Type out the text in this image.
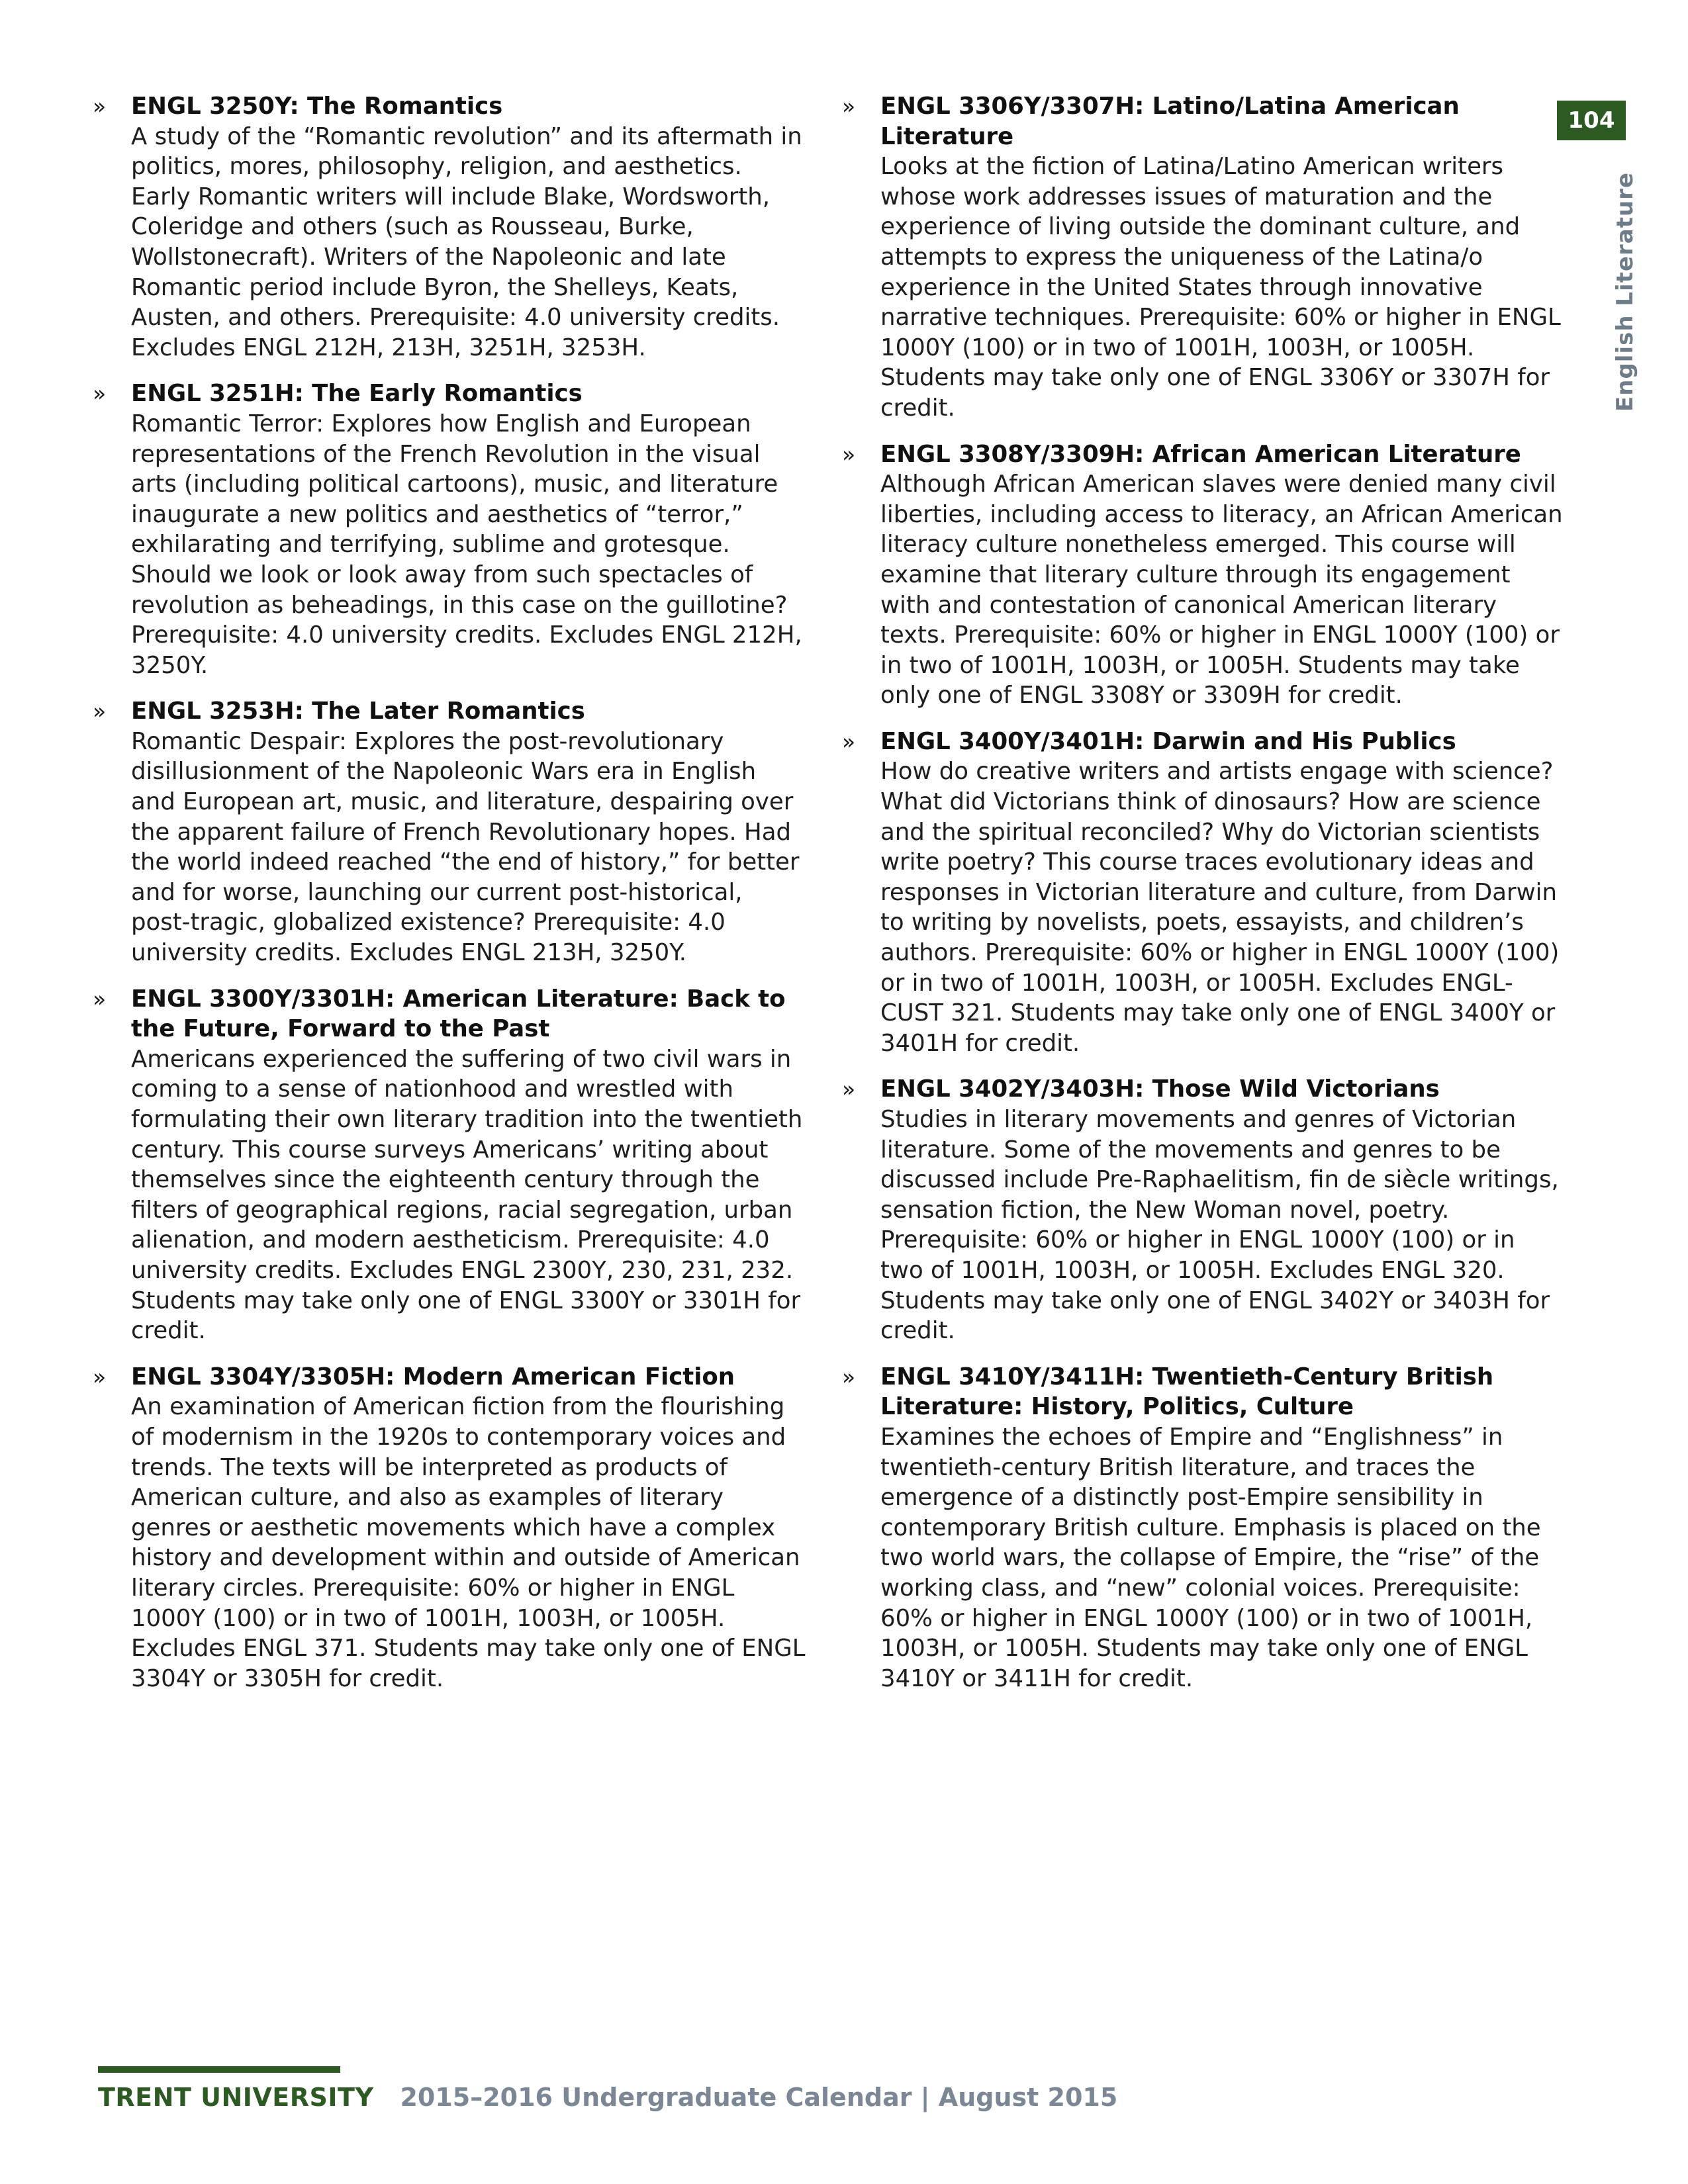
» ENGL 3250Y: The Romantics
A study of the “Romantic revolution” and its aftermath in politics, mores, philosophy, religion, and aesthetics. Early Romantic writers will include Blake, Wordsworth, Coleridge and others (such as Rousseau, Burke, Wollstonecraft). Writers of the Napoleonic and late Romantic period include Byron, the Shelleys, Keats, Austen, and others. Prerequisite: 4.0 university credits. Excludes ENGL 212H, 213H, 3251H, 3253H.
» ENGL 3251H: The Early Romantics
Romantic Terror: Explores how English and European representations of the French Revolution in the visual arts (including political cartoons), music, and literature inaugurate a new politics and aesthetics of “terror,” exhilarating and terrifying, sublime and grotesque. Should we look or look away from such spectacles of revolution as beheadings, in this case on the guillotine? Prerequisite: 4.0 university credits. Excludes ENGL 212H, 3250Y.
» ENGL 3253H: The Later Romantics
Romantic Despair: Explores the post-revolutionary disillusionment of the Napoleonic Wars era in English and European art, music, and literature, despairing over the apparent failure of French Revolutionary hopes. Had the world indeed reached “the end of history,” for better and for worse, launching our current post-historical, post-tragic, globalized existence? Prerequisite: 4.0 university credits. Excludes ENGL 213H, 3250Y.
» ENGL 3300Y/3301H: American Literature: Back to the Future, Forward to the Past
Americans experienced the suffering of two civil wars in coming to a sense of nationhood and wrestled with formulating their own literary tradition into the twentieth century. This course surveys Americans’ writing about themselves since the eighteenth century through the filters of geographical regions, racial segregation, urban alienation, and modern aestheticism. Prerequisite: 4.0 university credits. Excludes ENGL 2300Y, 230, 231, 232. Students may take only one of ENGL 3300Y or 3301H for credit.
» ENGL 3304Y/3305H: Modern American Fiction
An examination of American fiction from the flourishing of modernism in the 1920s to contemporary voices and trends. The texts will be interpreted as products of American culture, and also as examples of literary genres or aesthetic movements which have a complex history and development within and outside of American literary circles. Prerequisite: 60% or higher in ENGL 1000Y (100) or in two of 1001H, 1003H, or 1005H. Excludes ENGL 371. Students may take only one of ENGL 3304Y or 3305H for credit.
» ENGL 3306Y/3307H: Latino/Latina American Literature
Looks at the fiction of Latina/Latino American writers whose work addresses issues of maturation and the experience of living outside the dominant culture, and attempts to express the uniqueness of the Latina/o experience in the United States through innovative narrative techniques. Prerequisite: 60% or higher in ENGL 1000Y (100) or in two of 1001H, 1003H, or 1005H. Students may take only one of ENGL 3306Y or 3307H for credit.
» ENGL 3308Y/3309H: African American Literature
Although African American slaves were denied many civil liberties, including access to literacy, an African American literacy culture nonetheless emerged. This course will examine that literary culture through its engagement with and contestation of canonical American literary texts. Prerequisite: 60% or higher in ENGL 1000Y (100) or in two of 1001H, 1003H, or 1005H. Students may take only one of ENGL 3308Y or 3309H for credit.
» ENGL 3400Y/3401H: Darwin and His Publics
How do creative writers and artists engage with science? What did Victorians think of dinosaurs? How are science and the spiritual reconciled? Why do Victorian scientists write poetry? This course traces evolutionary ideas and responses in Victorian literature and culture, from Darwin to writing by novelists, poets, essayists, and children’s authors. Prerequisite: 60% or higher in ENGL 1000Y (100) or in two of 1001H, 1003H, or 1005H. Excludes ENGL-CUST 321. Students may take only one of ENGL 3400Y or 3401H for credit.
» ENGL 3402Y/3403H: Those Wild Victorians
Studies in literary movements and genres of Victorian literature. Some of the movements and genres to be discussed include Pre-Raphaelitism, fin de siècle writings, sensation fiction, the New Woman novel, poetry. Prerequisite: 60% or higher in ENGL 1000Y (100) or in two of 1001H, 1003H, or 1005H. Excludes ENGL 320. Students may take only one of ENGL 3402Y or 3403H for credit.
» ENGL 3410Y/3411H: Twentieth-Century British Literature: History, Politics, Culture
Examines the echoes of Empire and “Englishness” in twentieth-century British literature, and traces the emergence of a distinctly post-Empire sensibility in contemporary British culture. Emphasis is placed on the two world wars, the collapse of Empire, the “rise” of the working class, and “new” colonial voices. Prerequisite: 60% or higher in ENGL 1000Y (100) or in two of 1001H, 1003H, or 1005H. Students may take only one of ENGL 3410Y or 3411H for credit.
104
English Literature
TRENT UNIVERSITY 2015–2016 Undergraduate Calendar | August 2015
